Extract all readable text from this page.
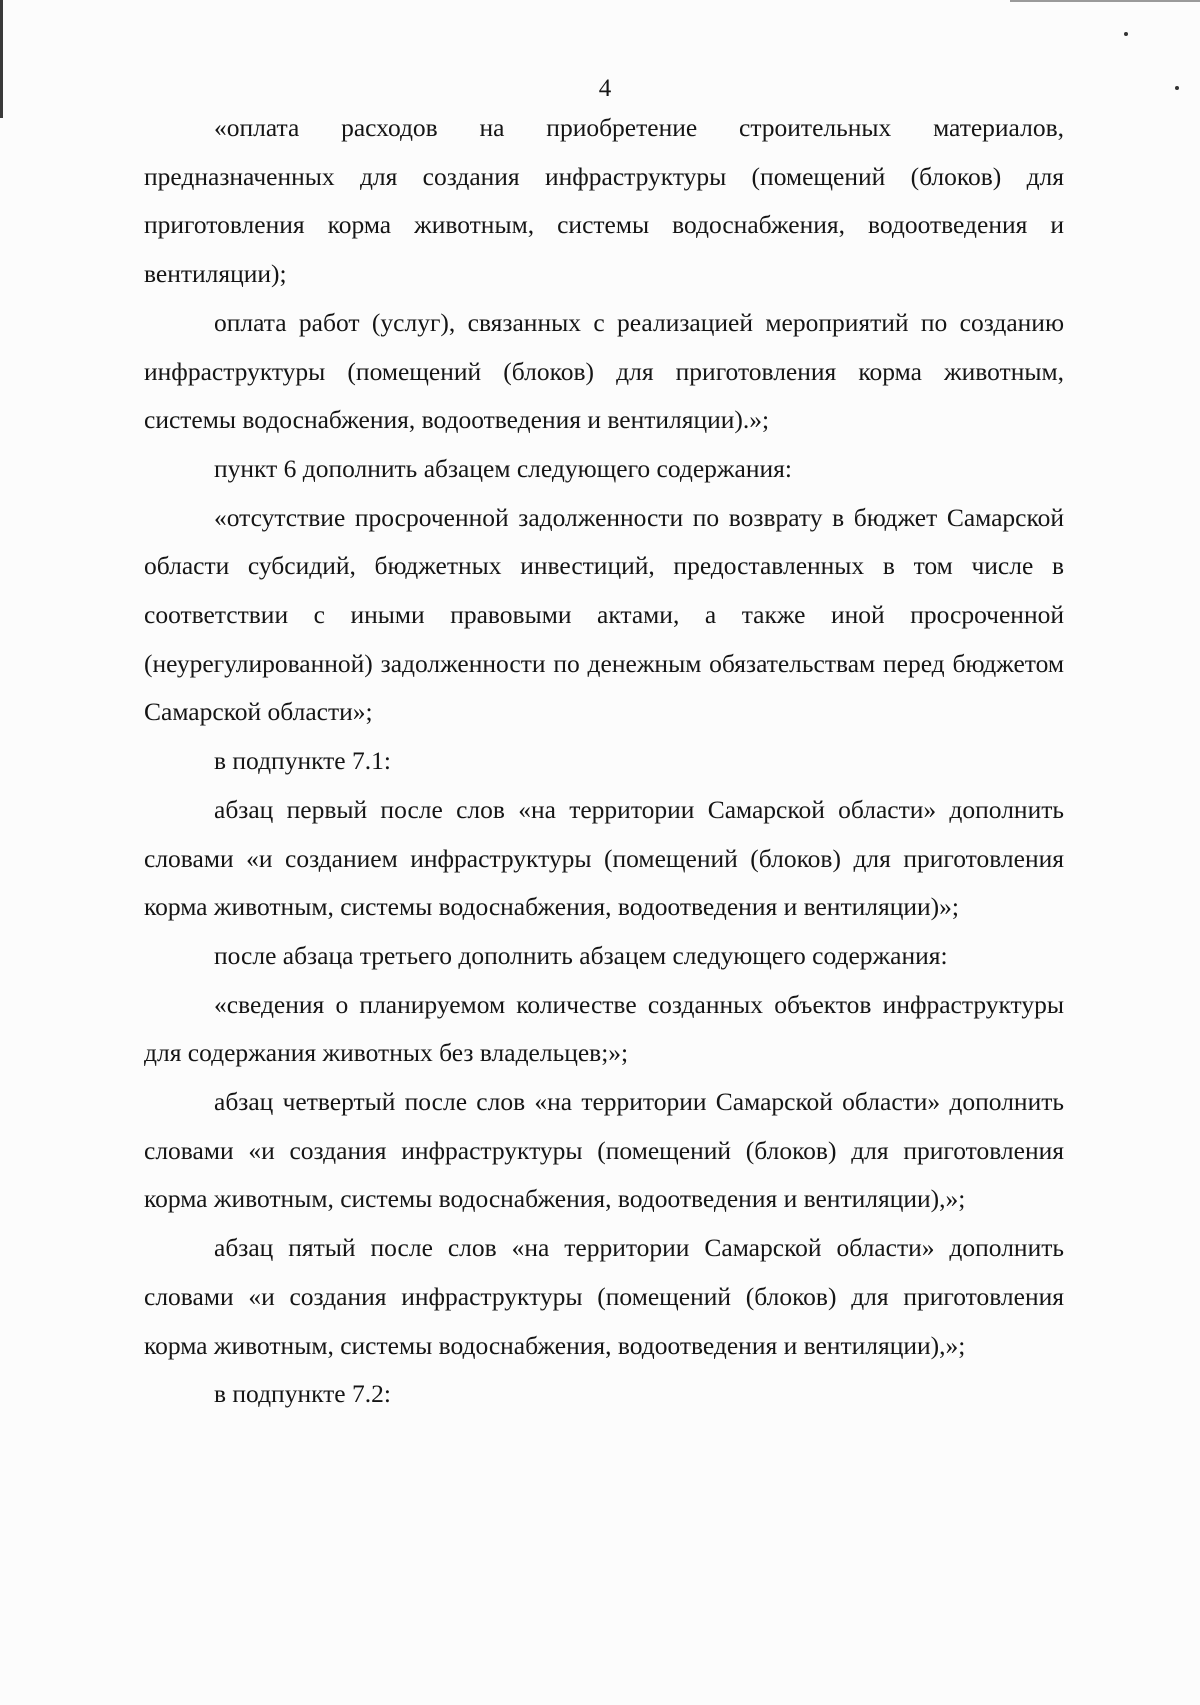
4

«оплата расходов на приобретение строительных материалов, предназначенных для создания инфраструктуры (помещений (блоков) для приготовления корма животным, системы водоснабжения, водоотведения и вентиляции);

оплата работ (услуг), связанных с реализацией мероприятий по созданию инфраструктуры (помещений (блоков) для приготовления корма животным, системы водоснабжения, водоотведения и вентиляции).»;

пункт 6 дополнить абзацем следующего содержания:

«отсутствие просроченной задолженности по возврату в бюджет Самарской области субсидий, бюджетных инвестиций, предоставленных в том числе в соответствии с иными правовыми актами, а также иной просроченной (неурегулированной) задолженности по денежным обязательствам перед бюджетом Самарской области»;

в подпункте 7.1:

абзац первый после слов «на территории Самарской области» дополнить словами «и созданием инфраструктуры (помещений (блоков) для приготовления корма животным, системы водоснабжения, водоотведения и вентиляции)»;

после абзаца третьего дополнить абзацем следующего содержания:

«сведения о планируемом количестве созданных объектов инфраструктуры для содержания животных без владельцев;»;

абзац четвертый после слов «на территории Самарской области» дополнить словами «и создания инфраструктуры (помещений (блоков) для приготовления корма животным, системы водоснабжения, водоотведения и вентиляции),»;

абзац пятый после слов «на территории Самарской области» дополнить словами «и создания инфраструктуры (помещений (блоков) для приготовления корма животным, системы водоснабжения, водоотведения и вентиляции),»;

в подпункте 7.2:
